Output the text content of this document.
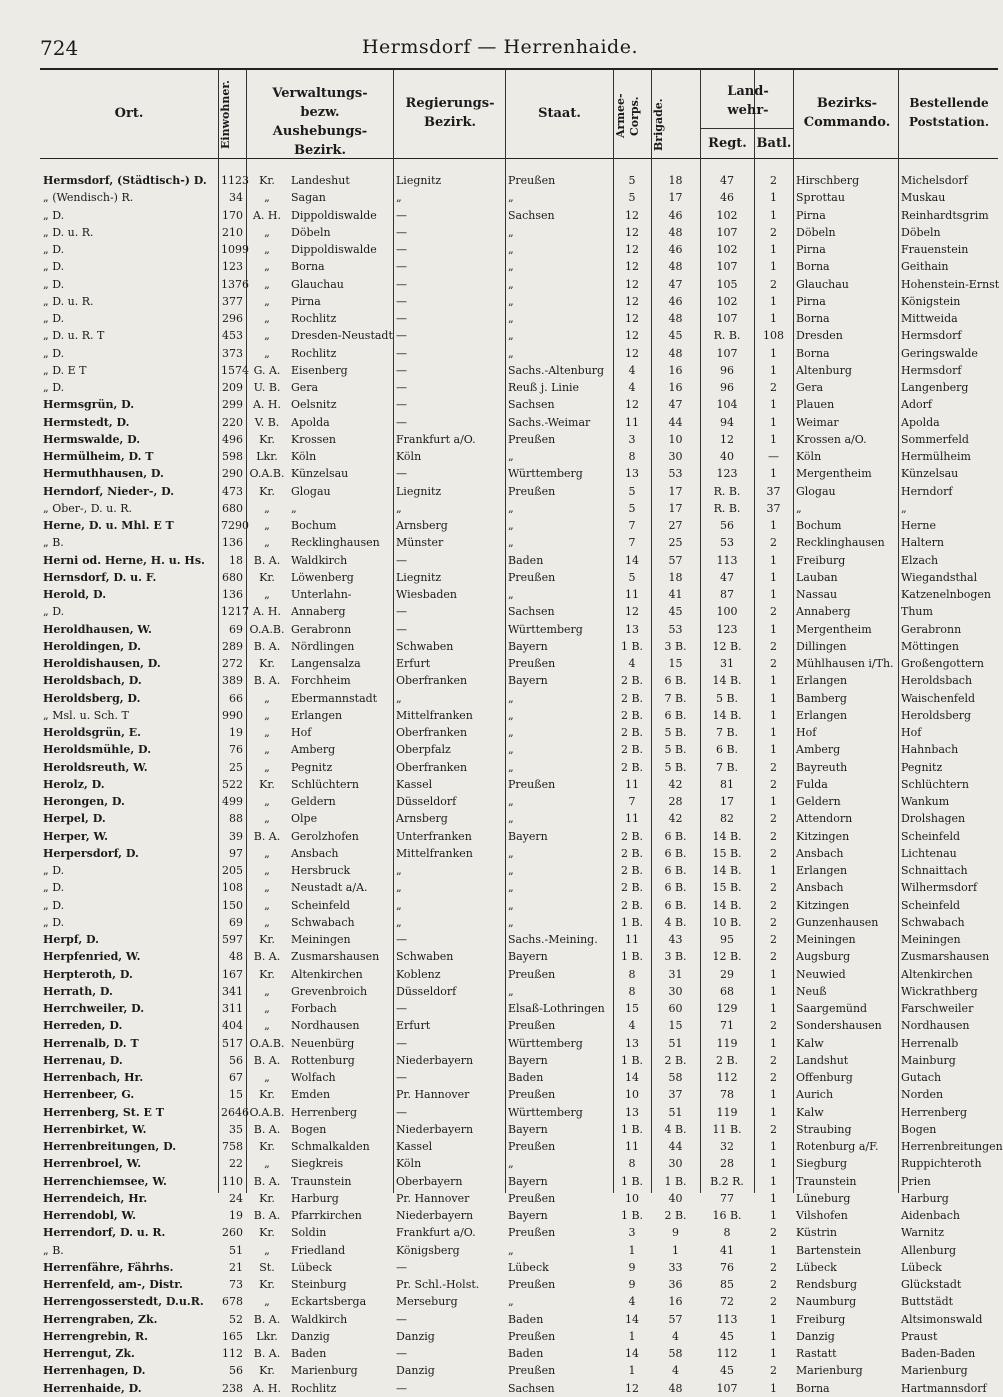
724	Hermsdorf — Herrenhaide.
Ort.	Einwohner.	Verwaltungs- bezw. Aushebungs- Bezirk.
Regierungs- Bezirk.
Staat.	Armee-Corps.	Brigade.
Land- wehr-
Regt. Batl.
Bezirks- Commando.
Bestellende Poststation.
Hermsdorf, (Städtisch-) D.	1123	Kr.	Landeshut	Liegnitz	Preußen	5	18	47	2	Hirschberg	Michelsdorf
„ (Wendisch-) R.	34	„	Sagan	„	„	5	17	46	1	Sprottau	Muskau
„ D.	170	A. H.	Dippoldiswalde	—	Sachsen	12	46	102	1	Pirna	Reinhardtsgrim
„ D. u. R.	210	„	Döbeln	—	„	12	48	107	2	Döbeln	Döbeln
„ D.	1099	„	Dippoldiswalde	—	„	12	46	102	1	Pirna	Frauenstein
„ D.	123	„	Borna	—	„	12	48	107	1	Borna	Geithain
„ D.	1376	„	Glauchau	—	„	12	47	105	2	Glauchau	Hohenstein-Ernst
„ D. u. R.	377	„	Pirna	—	„	12	46	102	1	Pirna	Königstein
„ D.	296	„	Rochlitz	—	„	12	48	107	1	Borna	Mittweida
„ D. u. R. T	453	„	Dresden-Neustadt	—	„	12	45	R. B.	108	Dresden	Hermsdorf
„ D.	373	„	Rochlitz	—	„	12	48	107	1	Borna	Geringswalde
„ D. E T	1574	G. A.	Eisenberg	—	Sachs.-Altenburg	4	16	96	1	Altenburg	Hermsdorf
„ D.	209	U. B.	Gera	—	Reuß j. Linie	4	16	96	2	Gera	Langenberg
Hermsgrün, D.	299	A. H.	Oelsnitz	—	Sachsen	12	47	104	1	Plauen	Adorf
Hermstedt, D.	220	V. B.	Apolda	—	Sachs.-Weimar	11	44	94	1	Weimar	Apolda
Hermswalde, D.	496	Kr.	Krossen	Frankfurt a/O.	Preußen	3	10	12	1	Krossen a/O.	Sommerfeld
Hermülheim, D. T	598	Lkr.	Köln	Köln	„	8	30	40	—	Köln	Hermülheim
Hermuthhausen, D.	290	O.A.B.	Künzelsau	—	Württemberg	13	53	123	1	Mergentheim	Künzelsau
Herndorf, Nieder-, D.	473	Kr.	Glogau	Liegnitz	Preußen	5	17	R. B.	37	Glogau	Herndorf
„ Ober-, D. u. R.	680	„	„	„	„	5	17	R. B.	37	„	„
Herne, D. u. Mhl. E T	7290	„	Bochum	Arnsberg	„	7	27	56	1	Bochum	Herne
„ B.	136	„	Recklinghausen	Münster	„	7	25	53	2	Recklinghausen	Haltern
Herni od. Herne, H. u. Hs.	18	B. A.	Waldkirch	—	Baden	14	57	113	1	Freiburg	Elzach
Hernsdorf, D. u. F.	680	Kr.	Löwenberg	Liegnitz	Preußen	5	18	47	1	Lauban	Wiegandsthal
Herold, D.	136	„	Unterlahn-	Wiesbaden	„	11	41	87	1	Nassau	Katzenelnbogen
„ D.	1217	A. H.	Annaberg	—	Sachsen	12	45	100	2	Annaberg	Thum
Heroldhausen, W.	69	O.A.B.	Gerabronn	—	Württemberg	13	53	123	1	Mergentheim	Gerabronn
Heroldingen, D.	289	B. A.	Nördlingen	Schwaben	Bayern	1 B.	3 B.	12 B.	2	Dillingen	Möttingen
Heroldishausen, D.	272	Kr.	Langensalza	Erfurt	Preußen	4	15	31	2	Mühlhausen i/Th.	Großengottern
Heroldsbach, D.	389	B. A.	Forchheim	Oberfranken	Bayern	2 B.	6 B.	14 B.	1	Erlangen	Heroldsbach
Heroldsberg, D.	66	„	Ebermannstadt	„	„	2 B.	7 B.	5 B.	1	Bamberg	Waischenfeld
„ Msl. u. Sch. T	990	„	Erlangen	Mittelfranken	„	2 B.	6 B.	14 B.	1	Erlangen	Heroldsberg
Heroldsgrün, E.	19	„	Hof	Oberfranken	„	2 B.	5 B.	7 B.	1	Hof	Hof
Heroldsmühle, D.	76	„	Amberg	Oberpfalz	„	2 B.	5 B.	6 B.	1	Amberg	Hahnbach
Heroldsreuth, W.	25	„	Pegnitz	Oberfranken	„	2 B.	5 B.	7 B.	2	Bayreuth	Pegnitz
Herolz, D.	522	Kr.	Schlüchtern	Kassel	Preußen	11	42	81	2	Fulda	Schlüchtern
Herongen, D.	499	„	Geldern	Düsseldorf	„	7	28	17	1	Geldern	Wankum
Herpel, D.	88	„	Olpe	Arnsberg	„	11	42	82	2	Attendorn	Drolshagen
Herper, W.	39	B. A.	Gerolzhofen	Unterfranken	Bayern	2 B.	6 B.	14 B.	2	Kitzingen	Scheinfeld
Herpersdorf, D.	97	„	Ansbach	Mittelfranken	„	2 B.	6 B.	15 B.	2	Ansbach	Lichtenau
„ D.	205	„	Hersbruck	„	„	2 B.	6 B.	14 B.	1	Erlangen	Schnaittach
„ D.	108	„	Neustadt a/A.	„	„	2 B.	6 B.	15 B.	2	Ansbach	Wilhermsdorf
„ D.	150	„	Scheinfeld	„	„	2 B.	6 B.	14 B.	2	Kitzingen	Scheinfeld
„ D.	69	„	Schwabach	„	„	1 B.	4 B.	10 B.	2	Gunzenhausen	Schwabach
Herpf, D.	597	Kr.	Meiningen	—	Sachs.-Meining.	11	43	95	2	Meiningen	Meiningen
Herpfenried, W.	48	B. A.	Zusmarshausen	Schwaben	Bayern	1 B.	3 B.	12 B.	2	Augsburg	Zusmarshausen
Herpteroth, D.	167	Kr.	Altenkirchen	Koblenz	Preußen	8	31	29	1	Neuwied	Altenkirchen
Herrath, D.	341	„	Grevenbroich	Düsseldorf	„	8	30	68	1	Neuß	Wickrathberg
Herrchweiler, D.	311	„	Forbach	—	Elsaß-Lothringen	15	60	129	1	Saargemünd	Farschweiler
Herreden, D.	404	„	Nordhausen	Erfurt	Preußen	4	15	71	2	Sondershausen	Nordhausen
Herrenalb, D. T	517	O.A.B.	Neuenbürg	—	Württemberg	13	51	119	1	Kalw	Herrenalb
Herrenau, D.	56	B. A.	Rottenburg	Niederbayern	Bayern	1 B.	2 B.	2 B.	2	Landshut	Mainburg
Herrenbach, Hr.	67	„	Wolfach	—	Baden	14	58	112	2	Offenburg	Gutach
Herrenbeer, G.	15	Kr.	Emden	Pr. Hannover	Preußen	10	37	78	1	Aurich	Norden
Herrenberg, St. E T	2646	O.A.B.	Herrenberg	—	Württemberg	13	51	119	1	Kalw	Herrenberg
Herrenbirket, W.	35	B. A.	Bogen	Niederbayern	Bayern	1 B.	4 B.	11 B.	2	Straubing	Bogen
Herrenbreitungen, D.	758	Kr.	Schmalkalden	Kassel	Preußen	11	44	32	1	Rotenburg a/F.	Herrenbreitungen
Herrenbroel, W.	22	„	Siegkreis	Köln	„	8	30	28	1	Siegburg	Ruppichteroth
Herrenchiemsee, W.	110	B. A.	Traunstein	Oberbayern	Bayern	1 B.	1 B.	B.2 R.	1	Traunstein	Prien
Herrendeich, Hr.	24	Kr.	Harburg	Pr. Hannover	Preußen	10	40	77	1	Lüneburg	Harburg
Herrendobl, W.	19	B. A.	Pfarrkirchen	Niederbayern	Bayern	1 B.	2 B.	16 B.	1	Vilshofen	Aidenbach
Herrendorf, D. u. R.	260	Kr.	Soldin	Frankfurt a/O.	Preußen	3	9	8	2	Küstrin	Warnitz
„ B.	51	„	Friedland	Königsberg	„	1	1	41	1	Bartenstein	Allenburg
Herrenfähre, Fährhs.	21	St.	Lübeck	—	Lübeck	9	33	76	2	Lübeck	Lübeck
Herrenfeld, am-, Distr.	73	Kr.	Steinburg	Pr. Schl.-Holst.	Preußen	9	36	85	2	Rendsburg	Glückstadt
Herrengosserstedt, D.u.R.	678	„	Eckartsberga	Merseburg	„	4	16	72	2	Naumburg	Buttstädt
Herrengraben, Zk.	52	B. A.	Waldkirch	—	Baden	14	57	113	1	Freiburg	Altsimonswald
Herrengrebin, R.	165	Lkr.	Danzig	Danzig	Preußen	1	4	45	1	Danzig	Praust
Herrengut, Zk.	112	B. A.	Baden	—	Baden	14	58	112	1	Rastatt	Baden-Baden
Herrenhagen, D.	56	Kr.	Marienburg	Danzig	Preußen	1	4	45	2	Marienburg	Marienburg
Herrenhaide, D.	238	A. H.	Rochlitz	—	Sachsen	12	48	107	1	Borna	Hartmannsdorf
